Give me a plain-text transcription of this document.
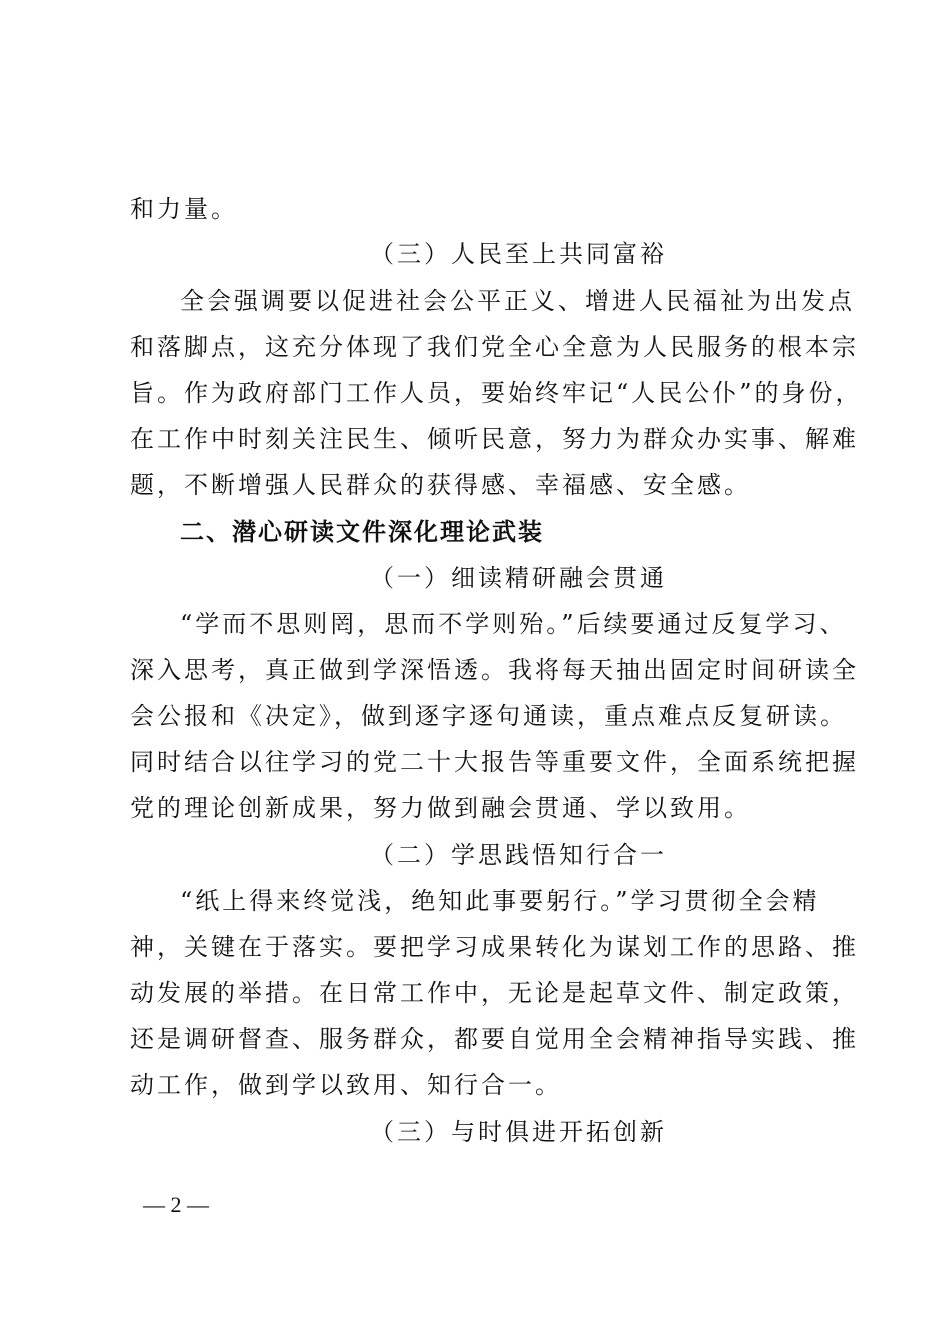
和力量。
（三）人民至上共同富裕
全会强调要以促进社会公平正义、增进人民福祉为出发点
和落脚点，这充分体现了我们党全心全意为人民服务的根本宗
旨。作为政府部门工作人员，要始终牢记“人民公仆”的身份，
在工作中时刻关注民生、倾听民意，努力为群众办实事、解难
题，不断增强人民群众的获得感、幸福感、安全感。
二、潜心研读文件深化理论武装
（一）细读精研融会贯通
“学而不思则罔，思而不学则殆。”后续要通过反复学习、
深入思考，真正做到学深悟透。我将每天抽出固定时间研读全
会公报和《决定》，做到逐字逐句通读，重点难点反复研读。
同时结合以往学习的党二十大报告等重要文件，全面系统把握
党的理论创新成果，努力做到融会贯通、学以致用。
（二）学思践悟知行合一
“纸上得来终觉浅，绝知此事要躬行。”学习贯彻全会精
神，关键在于落实。要把学习成果转化为谋划工作的思路、推
动发展的举措。在日常工作中，无论是起草文件、制定政策，
还是调研督查、服务群众，都要自觉用全会精神指导实践、推
动工作，做到学以致用、知行合一。
（三）与时俱进开拓创新
— 2 —
